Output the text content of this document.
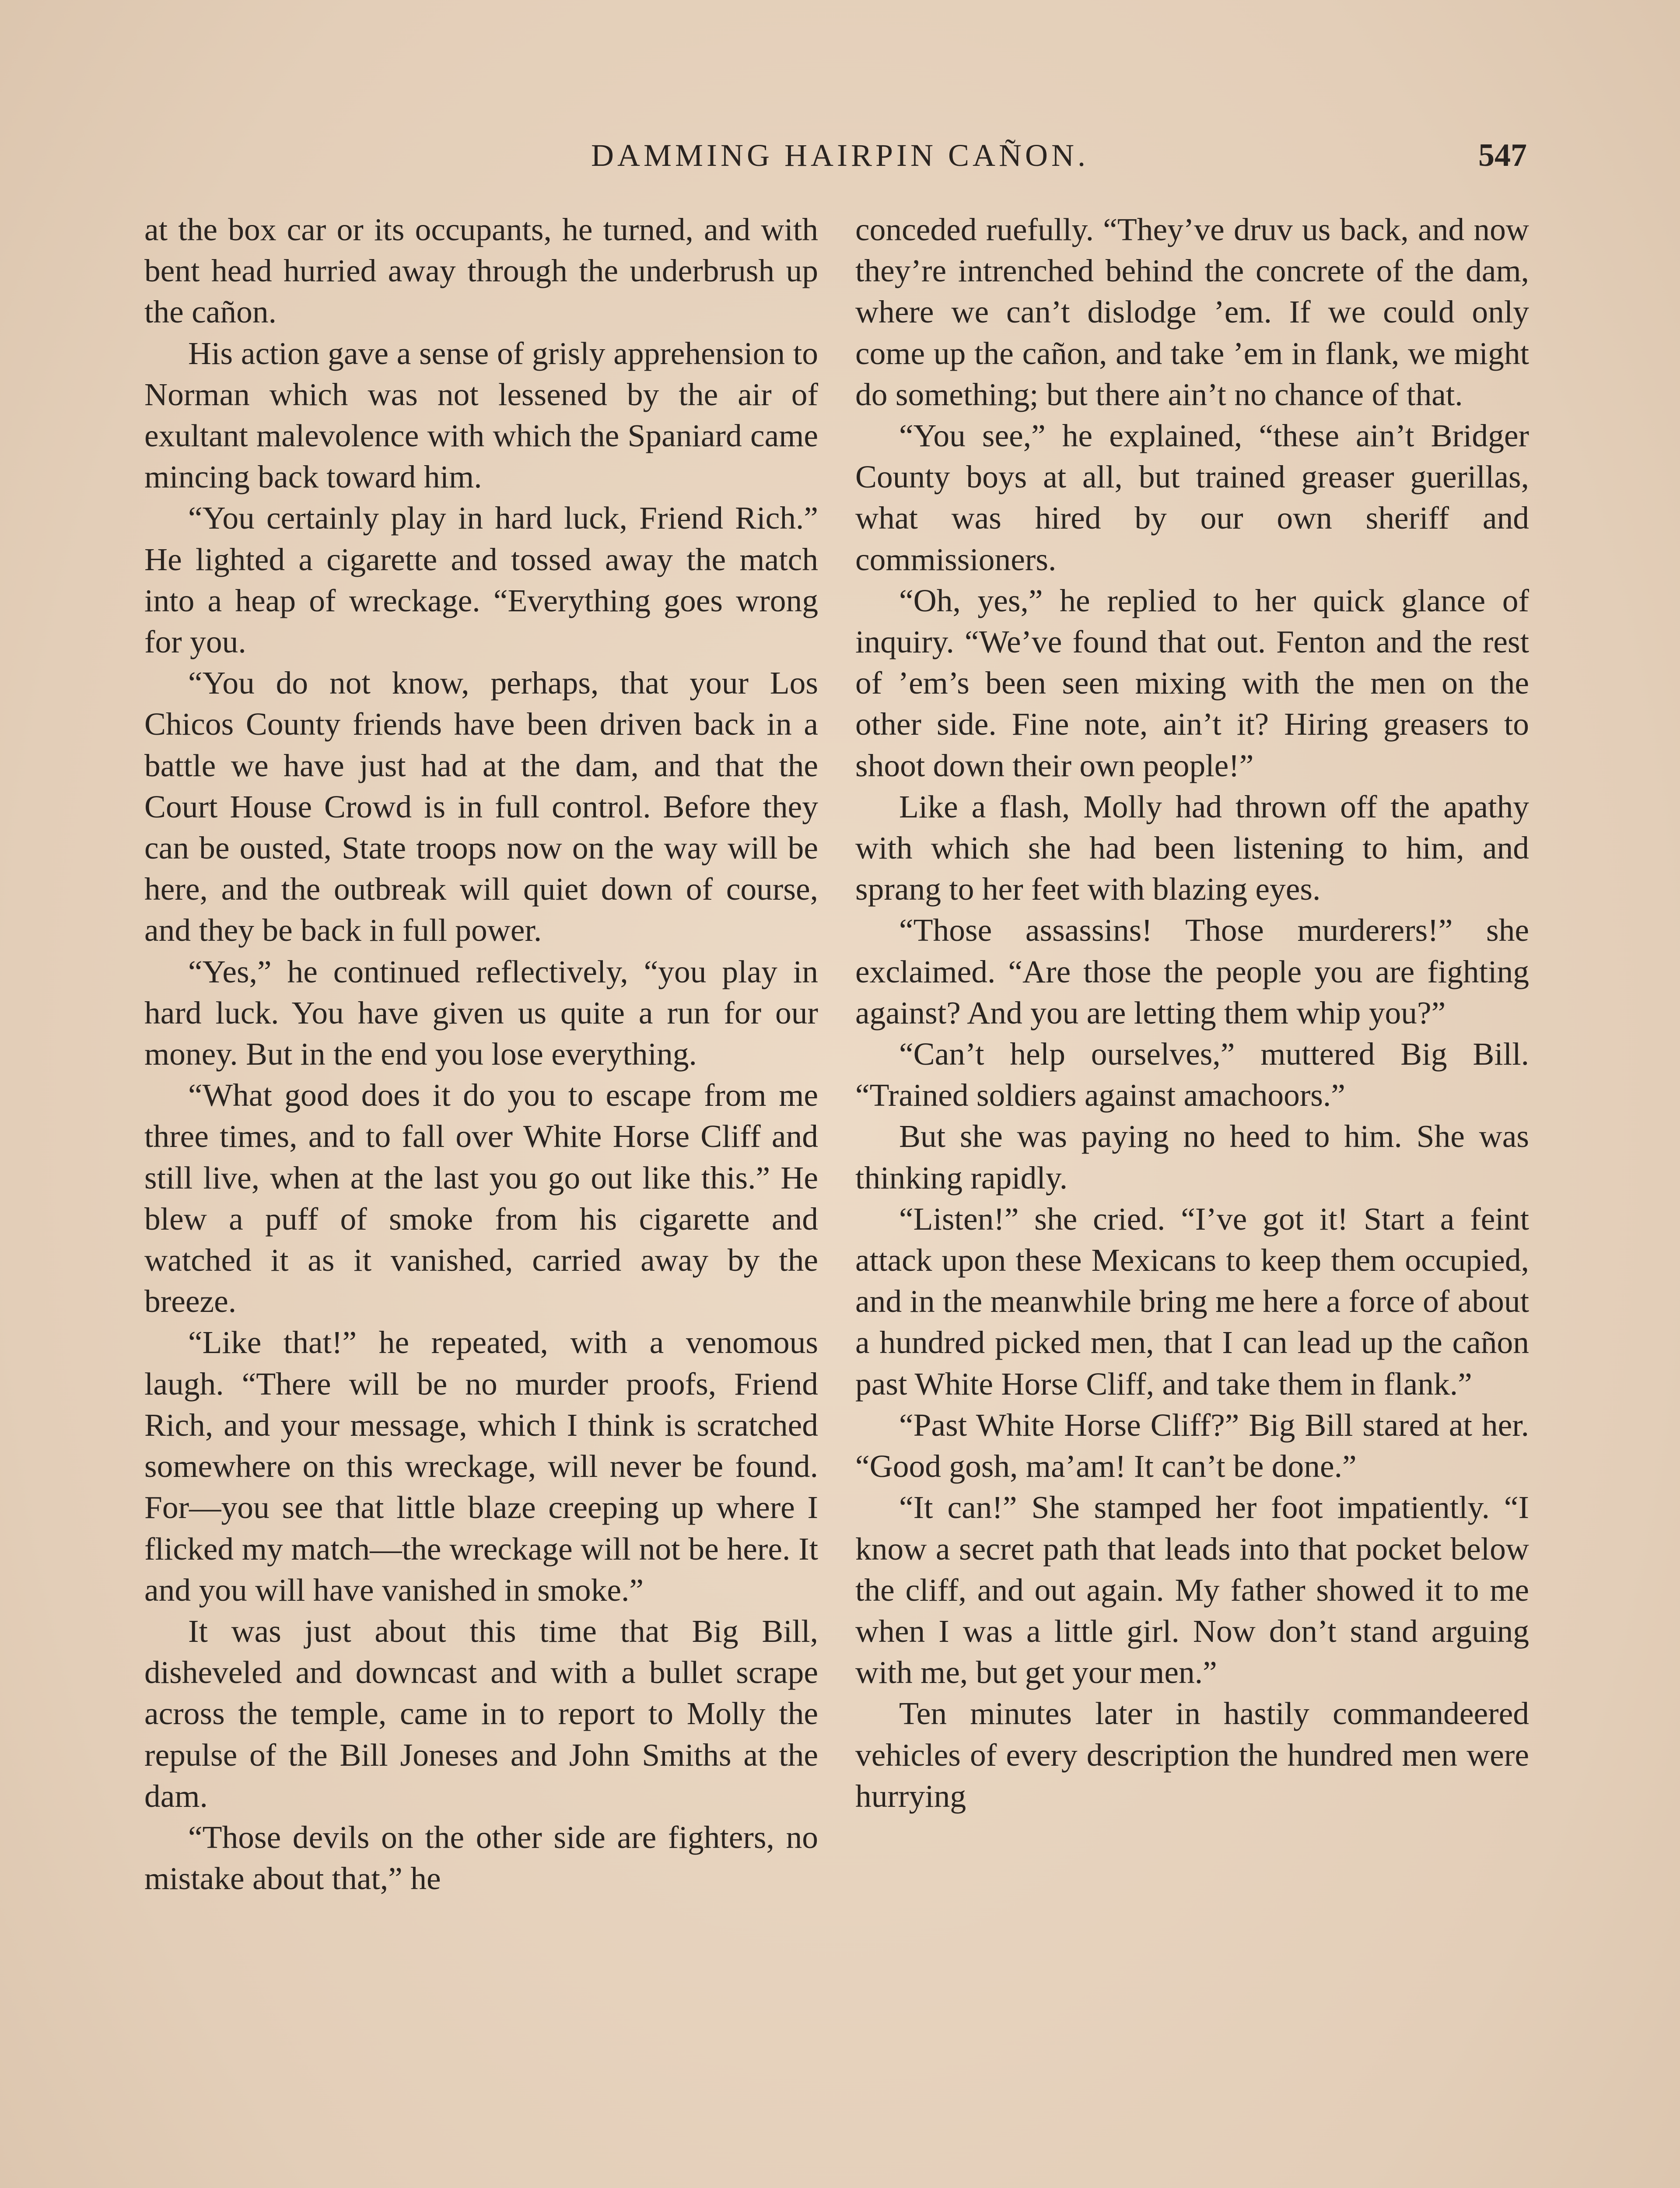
DAMMING HAIRPIN CAÑON.	547

at the box car or its occupants, he turned, and with bent head hurried away through the underbrush up the cañon.

His action gave a sense of grisly apprehension to Norman which was not lessened by the air of exultant malevolence with which the Spaniard came mincing back toward him.

“You certainly play in hard luck, Friend Rich.” He lighted a cigarette and tossed away the match into a heap of wreckage. “Everything goes wrong for you.

“You do not know, perhaps, that your Los Chicos County friends have been driven back in a battle we have just had at the dam, and that the Court House Crowd is in full control. Before they can be ousted, State troops now on the way will be here, and the outbreak will quiet down of course, and they be back in full power.

“Yes,” he continued reflectively, “you play in hard luck. You have given us quite a run for our money. But in the end you lose everything.

“What good does it do you to escape from me three times, and to fall over White Horse Cliff and still live, when at the last you go out like this.” He blew a puff of smoke from his cigarette and watched it as it vanished, carried away by the breeze.

“Like that!” he repeated, with a venomous laugh. “There will be no murder proofs, Friend Rich, and your message, which I think is scratched somewhere on this wreckage, will never be found. For—you see that little blaze creeping up where I flicked my match—the wreckage will not be here. It and you will have vanished in smoke.”

It was just about this time that Big Bill, disheveled and downcast and with a bullet scrape across the temple, came in to report to Molly the repulse of the Bill Joneses and John Smiths at the dam.

“Those devils on the other side are fighters, no mistake about that,” he

conceded ruefully. “They’ve druv us back, and now they’re intrenched behind the concrete of the dam, where we can’t dislodge ’em. If we could only come up the cañon, and take ’em in flank, we might do something; but there ain’t no chance of that.

“You see,” he explained, “these ain’t Bridger County boys at all, but trained greaser guerillas, what was hired by our own sheriff and commissioners.

“Oh, yes,” he replied to her quick glance of inquiry. “We’ve found that out. Fenton and the rest of ’em’s been seen mixing with the men on the other side. Fine note, ain’t it? Hiring greasers to shoot down their own people!”

Like a flash, Molly had thrown off the apathy with which she had been listening to him, and sprang to her feet with blazing eyes.

“Those assassins! Those murderers!” she exclaimed. “Are those the people you are fighting against? And you are letting them whip you?”

“Can’t help ourselves,” muttered Big Bill. “Trained soldiers against amachoors.”

But she was paying no heed to him. She was thinking rapidly.

“Listen!” she cried. “I’ve got it! Start a feint attack upon these Mexicans to keep them occupied, and in the meanwhile bring me here a force of about a hundred picked men, that I can lead up the cañon past White Horse Cliff, and take them in flank.”

“Past White Horse Cliff?” Big Bill stared at her. “Good gosh, ma’am! It can’t be done.”

“It can!” She stamped her foot impatiently. “I know a secret path that leads into that pocket below the cliff, and out again. My father showed it to me when I was a little girl. Now don’t stand arguing with me, but get your men.”

Ten minutes later in hastily commandeered vehicles of every description the hundred men were hurrying
